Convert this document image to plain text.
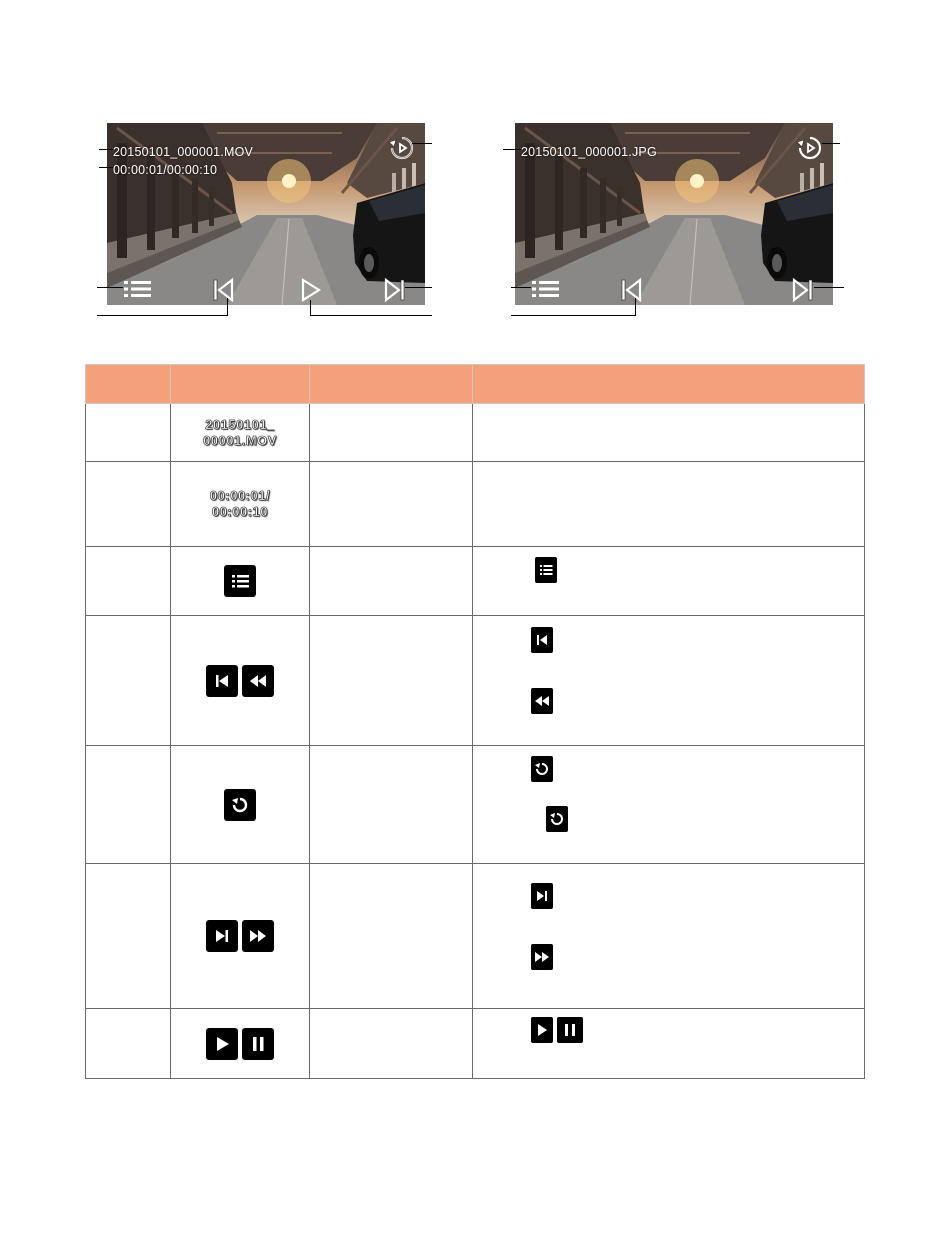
20150101_000001.MOV
00:00:01/00:00:10
20150101_000001.JPG

	20150101_
00001.MOV		

	00:00:01/
00:00:10		
